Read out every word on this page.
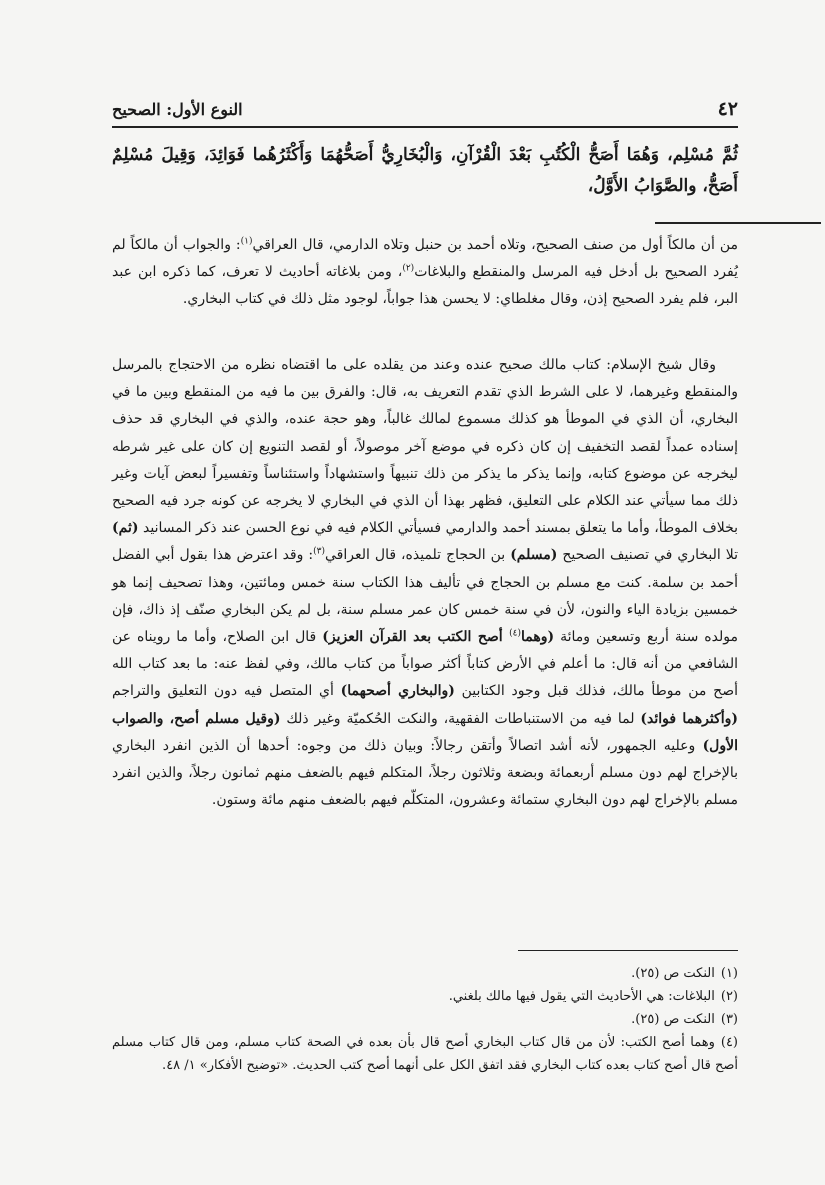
٤٢
النوع الأول: الصحيح
ثُمَّ مُسْلِم، وَهُمَا أَصَحُّ الْكُتُبِ بَعْدَ الْقُرْآنِ، وَالْبُخَارِيُّ أَصَحُّهُمَا وَأَكْثَرُهُما فَوَائِدَ، وَقِيلَ مُسْلِمٌ أَصَحُّ، والصَّوَابُ الأَوَّلُ،

من أن مالكاً أول من صنف الصحيح، وتلاه أحمد بن حنبل وتلاه الدارمي، قال العراقي$^{(١)}$: والجواب أن مالكاً لم يُفرد الصحيح بل أدخل فيه المرسل والمنقطع والبلاغات$^{(٢)}$، ومن بلاغاته أحاديث لا تعرف، كما ذكره ابن عبد البر، فلم يفرد الصحيح إذن، وقال مغلطاي: لا يحسن هذا جواباً، لوجود مثل ذلك في كتاب البخاري.

وقال شيخ الإسلام: كتاب مالك صحيح عنده وعند من يقلده على ما اقتضاه نظره من الاحتجاج بالمرسل والمنقطع وغيرهما، لا على الشرط الذي تقدم التعريف به، قال: والفرق بين ما فيه من المنقطع وبين ما في البخاري، أن الذي في الموطأ هو كذلك مسموع لمالك غالباً، وهو حجة عنده، والذي في البخاري قد حذف إسناده عمداً لقصد التخفيف إن كان ذكره في موضع آخر موصولاً، أو لقصد التنويع إن كان على غير شرطه ليخرجه عن موضوع كتابه، وإنما يذكر ما يذكر من ذلك تنبيهاً واستشهاداً واستئناساً وتفسيراً لبعض آيات وغير ذلك مما سيأتي عند الكلام على التعليق، فظهر بهذا أن الذي في البخاري لا يخرجه عن كونه جرد فيه الصحيح بخلاف الموطأ، وأما ما يتعلق بمسند أحمد والدارمي فسيأتي الكلام فيه في نوع الحسن عند ذكر المسانيد (ثم) تلا البخاري في تصنيف الصحيح (مسلم) بن الحجاج تلميذه، قال العراقي$^{(٣)}$: وقد اعترض هذا بقول أبي الفضل أحمد بن سلمة. كنت مع مسلم بن الحجاج في تأليف هذا الكتاب سنة خمس ومائتين، وهذا تصحيف إنما هو خمسين بزيادة الياء والنون، لأن في سنة خمس كان عمر مسلم سنة، بل لم يكن البخاري صنّف إذ ذاك، فإن مولده سنة أربع وتسعين ومائة (وهما$^{(٤)}$ أصح الكتب بعد القرآن العزيز) قال ابن الصلاح، وأما ما رويناه عن الشافعي من أنه قال: ما أعلم في الأرض كتاباً أكثر صواباً من كتاب مالك، وفي لفظ عنه: ما بعد كتاب الله أصح من موطأ مالك، فذلك قبل وجود الكتابين (والبخاري أصحهما) أي المتصل فيه دون التعليق والتراجم (وأكثرهما فوائد) لما فيه من الاستنباطات الفقهية، والنكت الحُكميّة وغير ذلك (وقيل مسلم أصح، والصواب الأول) وعليه الجمهور، لأنه أشد اتصالاً وأتقن رجالاً: وبيان ذلك من وجوه: أحدها أن الذين انفرد البخاري بالإخراج لهم دون مسلم أربعمائة وبضعة وثلاثون رجلاً، المتكلم فيهم بالضعف منهم ثمانون رجلاً، والذين انفرد مسلم بالإخراج لهم دون البخاري ستمائة وعشرون، المتكلّم فيهم بالضعف منهم مائة وستون.

(١)النكت ص (٢٥).

(٢)البلاغات: هي الأحاديث التي يقول فيها مالك بلغني.

(٣)النكت ص (٢٥).

(٤)وهما أصح الكتب: لأن من قال كتاب البخاري أصح قال بأن بعده في الصحة كتاب مسلم، ومن قال كتاب مسلم أصح قال أصح كتاب بعده كتاب البخاري فقد اتفق الكل على أنهما أصح كتب الحديث. «توضيح الأفكار» ١/ ٤٨.
